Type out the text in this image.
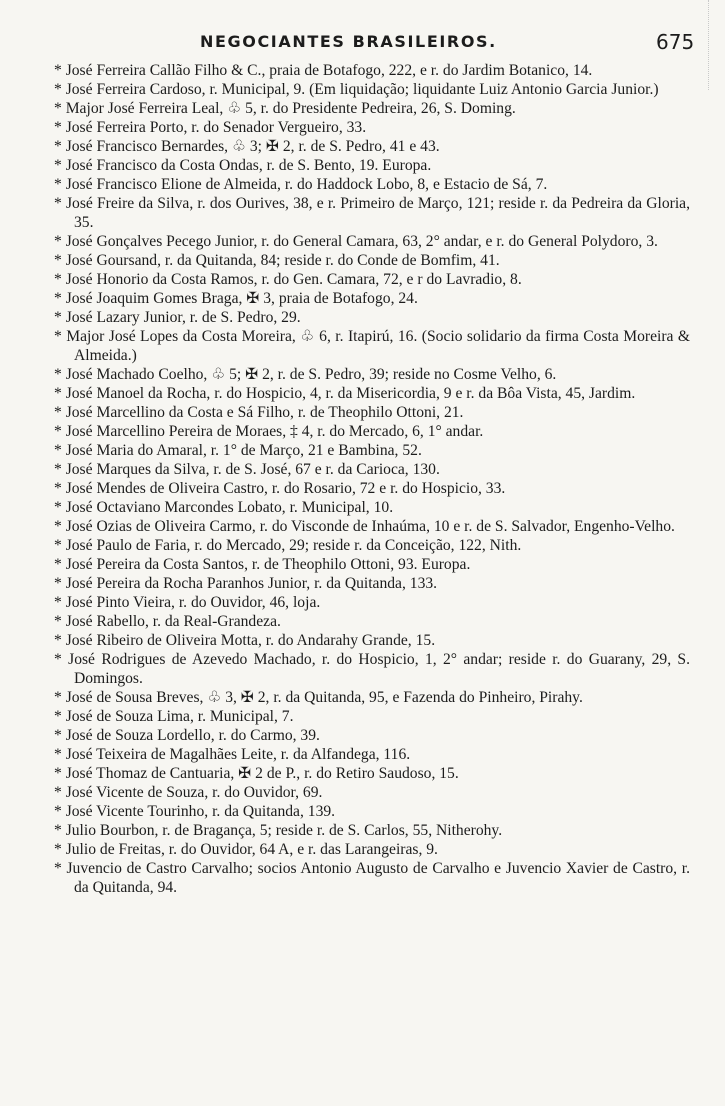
NEGOCIANTES BRASILEIROS.	675
* José Ferreira Callão Filho & C., praia de Botafogo, 222, e r. do Jardim Botanico, 14.
* José Ferreira Cardoso, r. Municipal, 9. (Em liquidação; liquidante Luiz Antonio Garcia Junior.)
* Major José Ferreira Leal, ♧ 5, r. do Presidente Pedreira, 26, S. Doming.
* José Ferreira Porto, r. do Senador Vergueiro, 33.
* José Francisco Bernardes, ♧ 3; ✠ 2, r. de S. Pedro, 41 e 43.
* José Francisco da Costa Ondas, r. de S. Bento, 19. Europa.
* José Francisco Elione de Almeida, r. do Haddock Lobo, 8, e Estacio de Sá, 7.
* José Freire da Silva, r. dos Ourives, 38, e r. Primeiro de Março, 121; reside r. da Pedreira da Gloria, 35.
* José Gonçalves Pecego Junior, r. do General Camara, 63, 2° andar, e r. do General Polydoro, 3.
* José Goursand, r. da Quitanda, 84; reside r. do Conde de Bomfim, 41.
* José Honorio da Costa Ramos, r. do Gen. Camara, 72, e r do Lavradio, 8.
* José Joaquim Gomes Braga, ✠ 3, praia de Botafogo, 24.
* José Lazary Junior, r. de S. Pedro, 29.
* Major José Lopes da Costa Moreira, ♧ 6, r. Itapirú, 16. (Socio solidario da firma Costa Moreira & Almeida.)
* José Machado Coelho, ♧ 5; ✠ 2, r. de S. Pedro, 39; reside no Cosme Velho, 6.
* José Manoel da Rocha, r. do Hospicio, 4, r. da Misericordia, 9 e r. da Bôa Vista, 45, Jardim.
* José Marcellino da Costa e Sá Filho, r. de Theophilo Ottoni, 21.
* José Marcellino Pereira de Moraes, ‡ 4, r. do Mercado, 6, 1° andar.
* José Maria do Amaral, r. 1° de Março, 21 e Bambina, 52.
* José Marques da Silva, r. de S. José, 67 e r. da Carioca, 130.
* José Mendes de Oliveira Castro, r. do Rosario, 72 e r. do Hospicio, 33.
* José Octaviano Marcondes Lobato, r. Municipal, 10.
* José Ozias de Oliveira Carmo, r. do Visconde de Inhaúma, 10 e r. de S. Salvador, Engenho-Velho.
* José Paulo de Faria, r. do Mercado, 29; reside r. da Conceição, 122, Nith.
* José Pereira da Costa Santos, r. de Theophilo Ottoni, 93. Europa.
* José Pereira da Rocha Paranhos Junior, r. da Quitanda, 133.
* José Pinto Vieira, r. do Ouvidor, 46, loja.
* José Rabello, r. da Real-Grandeza.
* José Ribeiro de Oliveira Motta, r. do Andarahy Grande, 15.
* José Rodrigues de Azevedo Machado, r. do Hospicio, 1, 2° andar; reside r. do Guarany, 29, S. Domingos.
* José de Sousa Breves, ♧ 3, ✠ 2, r. da Quitanda, 95, e Fazenda do Pinheiro, Pirahy.
* José de Souza Lima, r. Municipal, 7.
* José de Souza Lordello, r. do Carmo, 39.
* José Teixeira de Magalhães Leite, r. da Alfandega, 116.
* José Thomaz de Cantuaria, ✠ 2 de P., r. do Retiro Saudoso, 15.
* José Vicente de Souza, r. do Ouvidor, 69.
* José Vicente Tourinho, r. da Quitanda, 139.
* Julio Bourbon, r. de Bragança, 5; reside r. de S. Carlos, 55, Nitherohy.
* Julio de Freitas, r. do Ouvidor, 64 A, e r. das Larangeiras, 9.
* Juvencio de Castro Carvalho; socios Antonio Augusto de Carvalho e Juvencio Xavier de Castro, r. da Quitanda, 94.
